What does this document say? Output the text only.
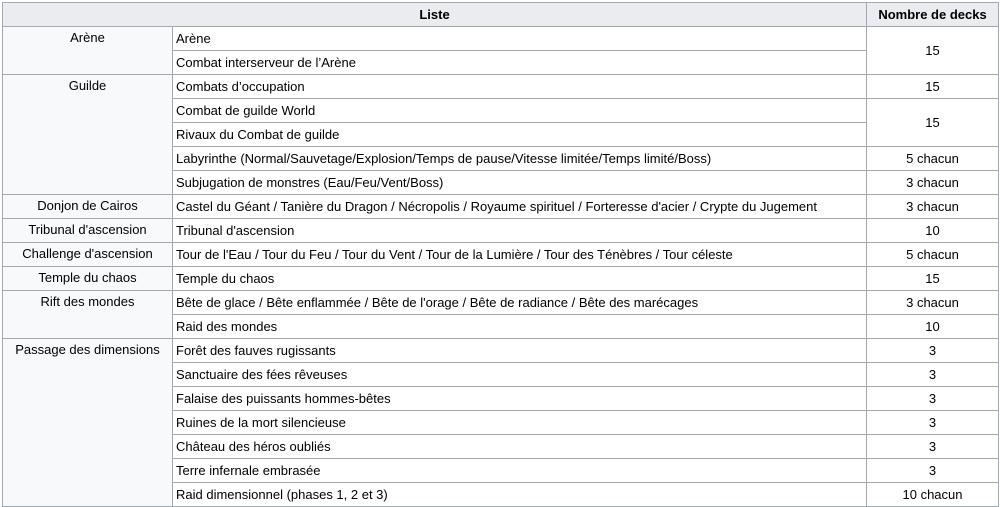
Liste		Nombre de decks
Arène	Arène	15
	Combat interserveur de l’Arène	
Guilde	Combats d’occupation	15
	Combat de guilde World	15
	Rivaux du Combat de guilde	
	Labyrinthe (Normal/Sauvetage/Explosion/Temps de pause/Vitesse limitée/Temps limité/Boss)	5 chacun
	Subjugation de monstres (Eau/Feu/Vent/Boss)	3 chacun
Donjon de Cairos	Castel du Géant / Tanière du Dragon / Nécropolis / Royaume spirituel / Forteresse d'acier / Crypte du Jugement	3 chacun
Tribunal d'ascension	Tribunal d'ascension	10
Challenge d'ascension	Tour de l'Eau / Tour du Feu / Tour du Vent / Tour de la Lumière / Tour des Ténèbres / Tour céleste	5 chacun
Temple du chaos	Temple du chaos	15
Rift des mondes	Bête de glace / Bête enflammée / Bête de l'orage / Bête de radiance / Bête des marécages	3 chacun
	Raid des mondes	10
Passage des dimensions	Forêt des fauves rugissants	3
	Sanctuaire des fées rêveuses	3
	Falaise des puissants hommes-bêtes	3
	Ruines de la mort silencieuse	3
	Château des héros oubliés	3
	Terre infernale embrasée	3
	Raid dimensionnel (phases 1, 2 et 3)	10 chacun
